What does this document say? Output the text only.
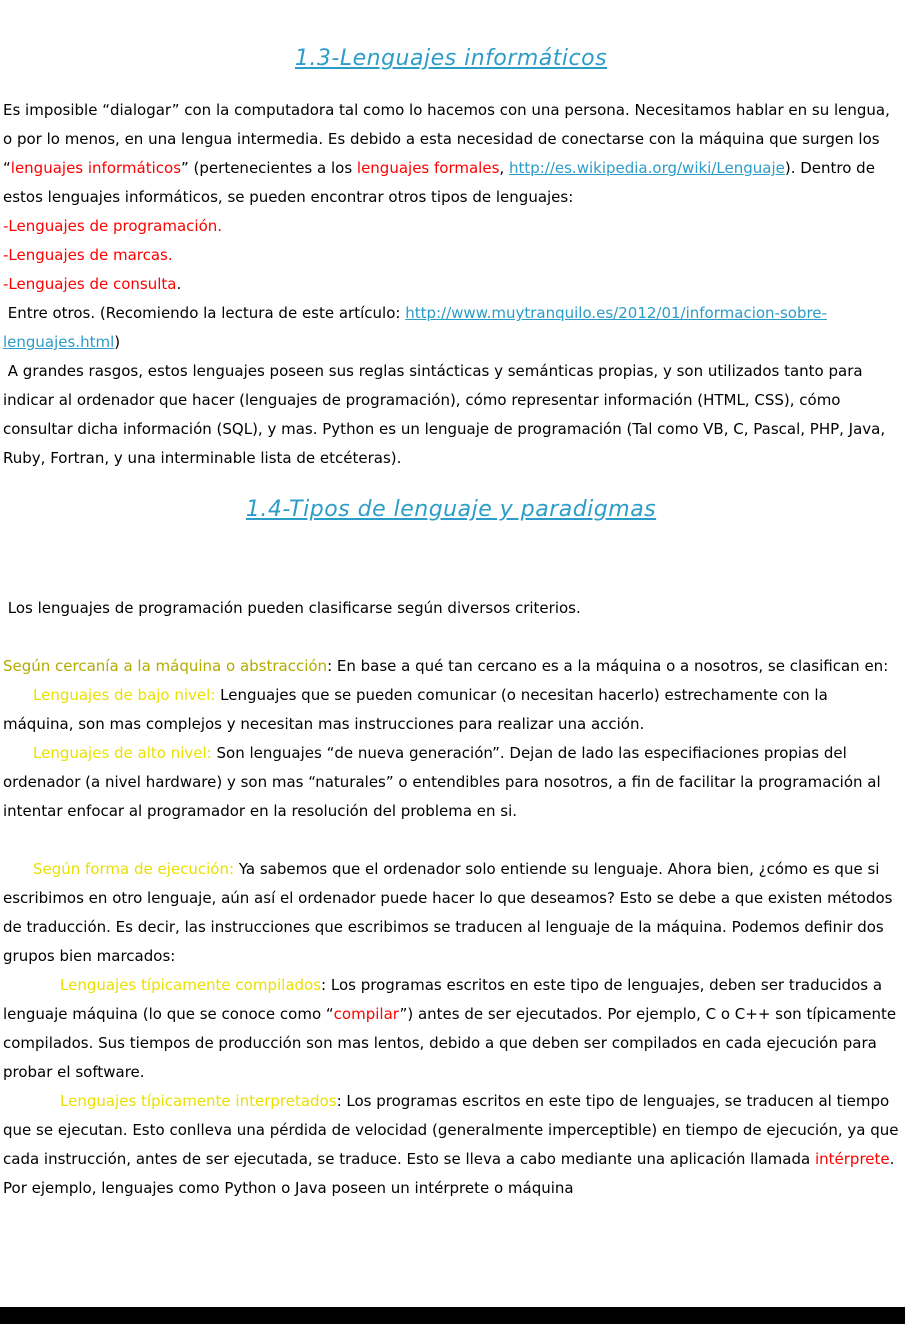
1.3-Lenguajes informáticos

Es imposible “dialogar” con la computadora tal como lo hacemos con una persona. Necesitamos hablar en su lengua, o por lo menos, en una lengua intermedia. Es debido a esta necesidad de conectarse con la máquina que surgen los “lenguajes informáticos” (pertenecientes a los lenguajes formales, http://es.wikipedia.org/wiki/Lenguaje). Dentro de estos lenguajes informáticos, se pueden encontrar otros tipos de lenguajes:

-Lenguajes de programación.

-Lenguajes de marcas.

-Lenguajes de consulta.

Entre otros. (Recomiendo la lectura de este artículo: http://www.muytranquilo.es/2012/01/informacion-sobre-lenguajes.html)

A grandes rasgos, estos lenguajes poseen sus reglas sintácticas y semánticas propias, y son utilizados tanto para indicar al ordenador que hacer (lenguajes de programación), cómo representar información (HTML, CSS), cómo consultar dicha información (SQL), y mas. Python es un lenguaje de programación (Tal como VB, C, Pascal, PHP, Java, Ruby, Fortran, y una interminable lista de etcéteras).

1.4-Tipos de lenguaje y paradigmas

Los lenguajes de programación pueden clasificarse según diversos criterios.

Según cercanía a la máquina o abstracción: En base a qué tan cercano es a la máquina o a nosotros, se clasifican en:

Lenguajes de bajo nivel: Lenguajes que se pueden comunicar (o necesitan hacerlo) estrechamente con la máquina, son mas complejos y necesitan mas instrucciones para realizar una acción.

Lenguajes de alto nivel: Son lenguajes “de nueva generación”. Dejan de lado las especifiaciones propias del ordenador (a nivel hardware) y son mas “naturales” o entendibles para nosotros, a fin de facilitar la programación al intentar enfocar al programador en la resolución del problema en si.

Según forma de ejecución: Ya sabemos que el ordenador solo entiende su lenguaje. Ahora bien, ¿cómo es que si escribimos en otro lenguaje, aún así el ordenador puede hacer lo que deseamos? Esto se debe a que existen métodos de traducción. Es decir, las instrucciones que escribimos se traducen al lenguaje de la máquina. Podemos definir dos grupos bien marcados:

Lenguajes típicamente compilados: Los programas escritos en este tipo de lenguajes, deben ser traducidos a lenguaje máquina (lo que se conoce como “compilar”) antes de ser ejecutados. Por ejemplo, C o C++ son típicamente compilados. Sus tiempos de producción son mas lentos, debido a que deben ser compilados en cada ejecución para probar el software.

Lenguajes típicamente interpretados: Los programas escritos en este tipo de lenguajes, se traducen al tiempo que se ejecutan. Esto conlleva una pérdida de velocidad (generalmente imperceptible) en tiempo de ejecución, ya que cada instrucción, antes de ser ejecutada, se traduce. Esto se lleva a cabo mediante una aplicación llamada intérprete. Por ejemplo, lenguajes como Python o Java poseen un intérprete o máquina
